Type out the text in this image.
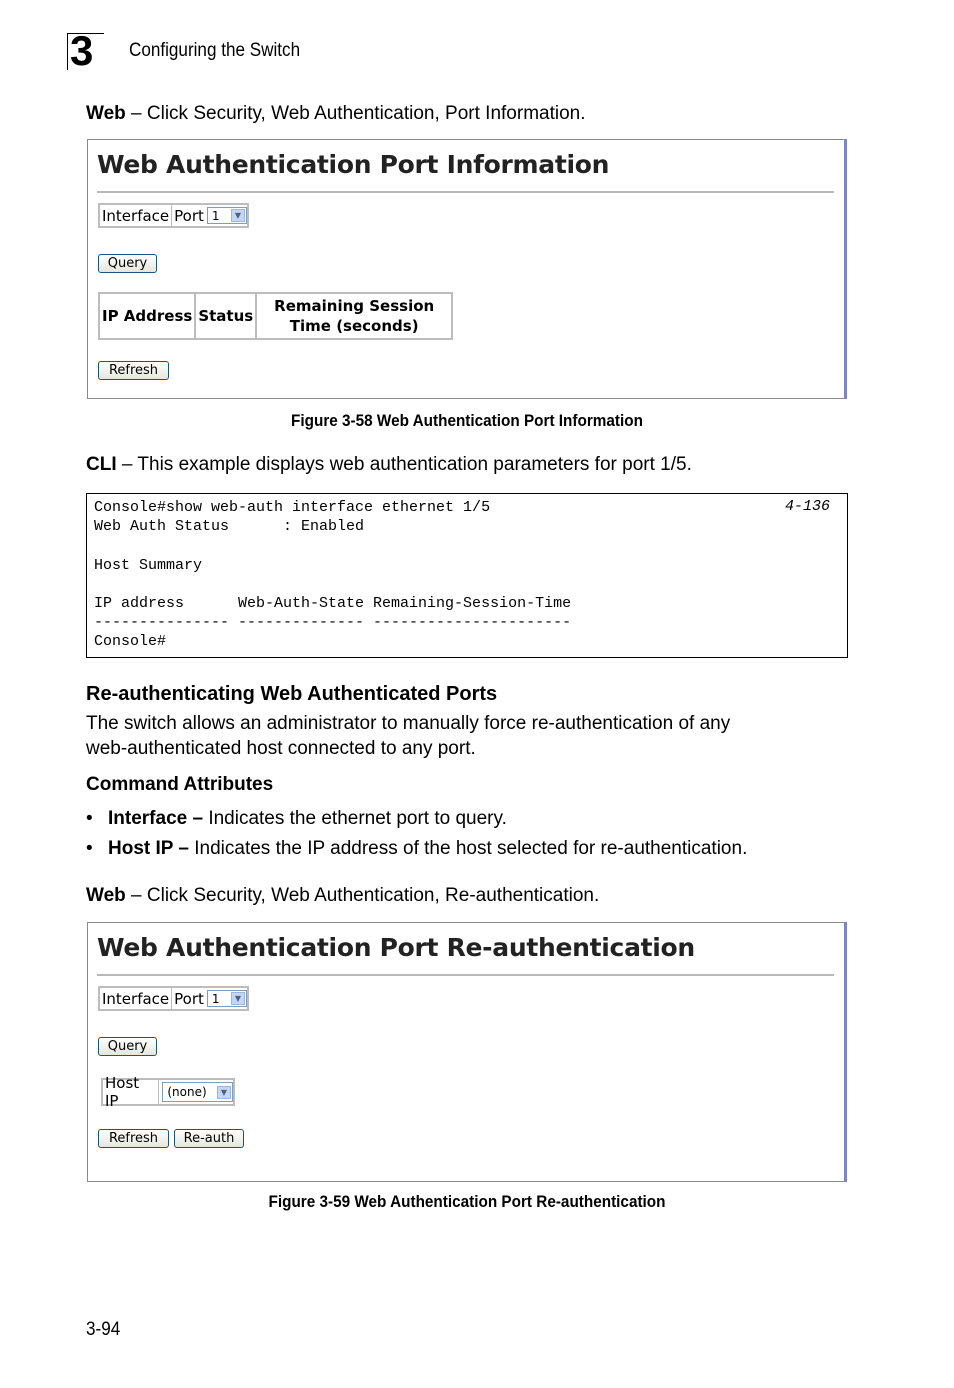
3 Configuring the Switch
Web – Click Security, Web Authentication, Port Information.
Web Authentication Port Information
Interface Port 1	▼
Query
IP Address	Status	Remaining Session Time (seconds)
Refresh
Figure 3-58 Web Authentication Port Information
CLI – This example displays web authentication parameters for port 1/5.
Console#show web-auth interface ethernet 1/5
Web Auth Status      : Enabled
Host Summary
IP address      Web-Auth-State Remaining-Session-Time
--------------- -------------- ----------------------
Console#
4-136
Re-authenticating Web Authenticated Ports
The switch allows an administrator to manually force re-authentication of any
web-authenticated host connected to any port.
Command Attributes
• Interface – Indicates the ethernet port to query.
• Host IP – Indicates the IP address of the host selected for re-authentication.
Web – Click Security, Web Authentication, Re-authentication.
Web Authentication Port Re-authentication
Interface Port 1	▼
Query
Host IP	(none)	▼
Refresh	Re-auth
Figure 3-59 Web Authentication Port Re-authentication
3-94
